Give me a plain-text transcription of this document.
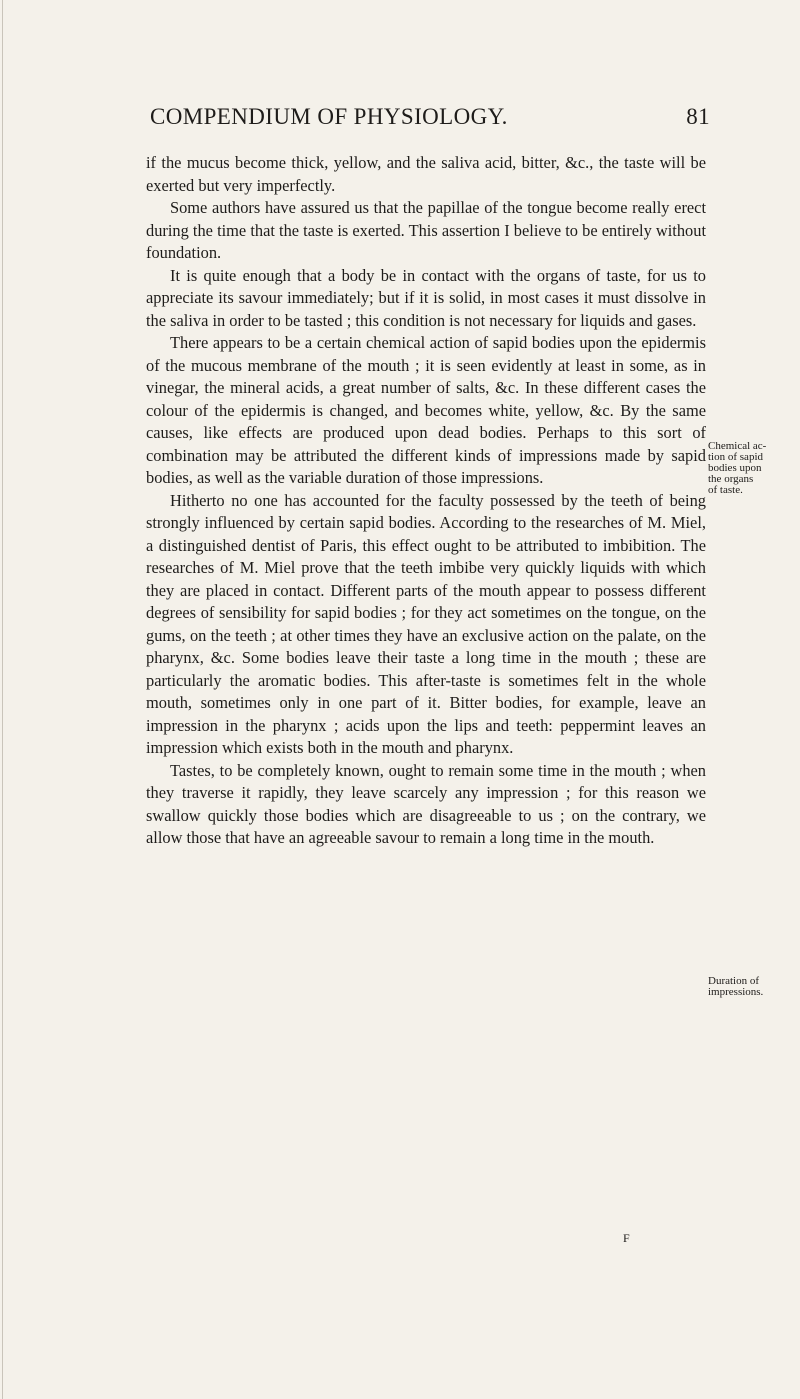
COMPENDIUM OF PHYSIOLOGY.	81

if the mucus become thick, yellow, and the saliva acid, bitter, &c., the taste will be exerted but very imperfectly.

Some authors have assured us that the papillae of the tongue become really erect during the time that the taste is exerted. This assertion I believe to be entirely without foundation.

It is quite enough that a body be in contact with the organs of taste, for us to appreciate its savour immediately; but if it is solid, in most cases it must dissolve in the saliva in order to be tasted ; this condition is not necessary for liquids and gases.

There appears to be a certain chemical action of sapid bodies upon the epidermis of the mucous membrane of the mouth ; it is seen evidently at least in some, as in vinegar, the mineral acids, a great number of salts, &c. In these different cases the colour of the epidermis is changed, and becomes white, yellow, &c. By the same causes, like effects are produced upon dead bodies. Perhaps to this sort of combination may be attributed the different kinds of impressions made by sapid bodies, as well as the variable duration of those impressions.

Hitherto no one has accounted for the faculty possessed by the teeth of being strongly influenced by certain sapid bodies. According to the researches of M. Miel, a distinguished dentist of Paris, this effect ought to be attributed to imbibition. The researches of M. Miel prove that the teeth imbibe very quickly liquids with which they are placed in contact. Different parts of the mouth appear to possess different degrees of sensibility for sapid bodies ; for they act sometimes on the tongue, on the gums, on the teeth ; at other times they have an exclusive action on the palate, on the pharynx, &c. Some bodies leave their taste a long time in the mouth ; these are particularly the aromatic bodies. This after-taste is sometimes felt in the whole mouth, sometimes only in one part of it. Bitter bodies, for example, leave an impression in the pharynx ; acids upon the lips and teeth: peppermint leaves an impression which exists both in the mouth and pharynx.

Tastes, to be completely known, ought to remain some time in the mouth ; when they traverse it rapidly, they leave scarcely any impression ; for this reason we swallow quickly those bodies which are disagreeable to us ; on the contrary, we allow those that have an agreeable savour to remain a long time in the mouth.

Chemical ac-
tion of sapid
bodies upon
the organs
of taste.
Duration of
impressions.
F
